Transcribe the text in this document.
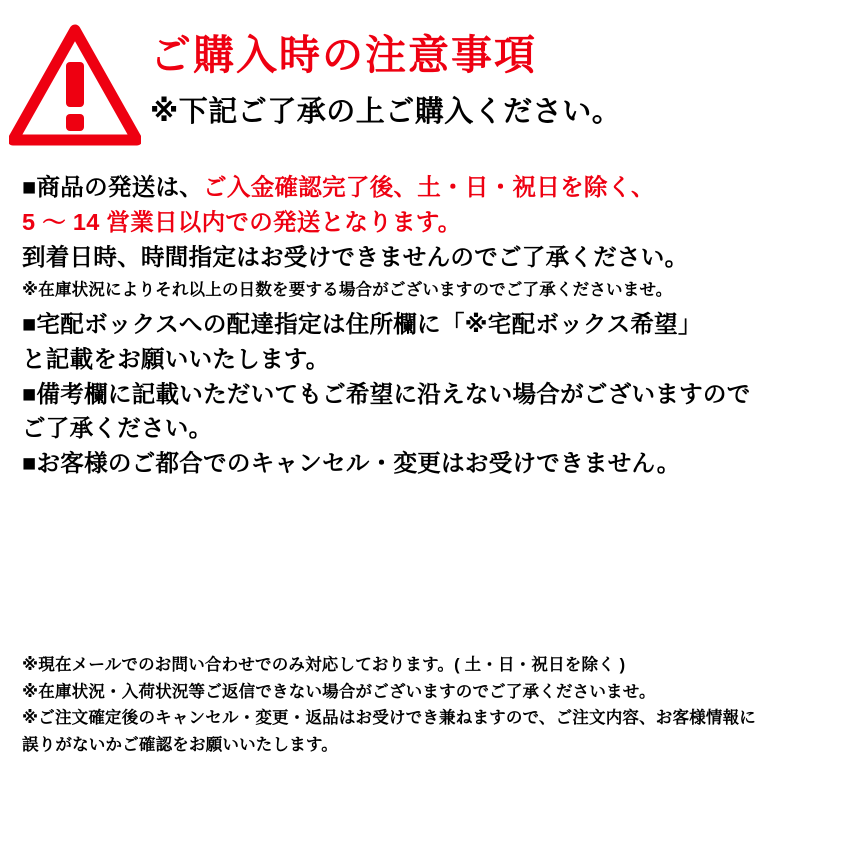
ご購入時の注意事項
※下記ご了承の上ご購入ください。
■商品の発送は、ご入金確認完了後、土・日・祝日を除く、
5 ～ 14 営業日以内での発送となります。
到着日時、時間指定はお受けできませんのでご了承ください。
※在庫状況によりそれ以上の日数を要する場合がございますのでご了承くださいませ。
■宅配ボックスへの配達指定は住所欄に「※宅配ボックス希望」
と記載をお願いいたします。
■備考欄に記載いただいてもご希望に沿えない場合がございますので
ご了承ください。
■お客様のご都合でのキャンセル・変更はお受けできません。
※現在メールでのお問い合わせでのみ対応しております。( 土・日・祝日を除く )
※在庫状況・入荷状況等ご返信できない場合がございますのでご了承くださいませ。
※ご注文確定後のキャンセル・変更・返品はお受けでき兼ねますので、ご注文内容、お客様情報に
誤りがないかご確認をお願いいたします。
